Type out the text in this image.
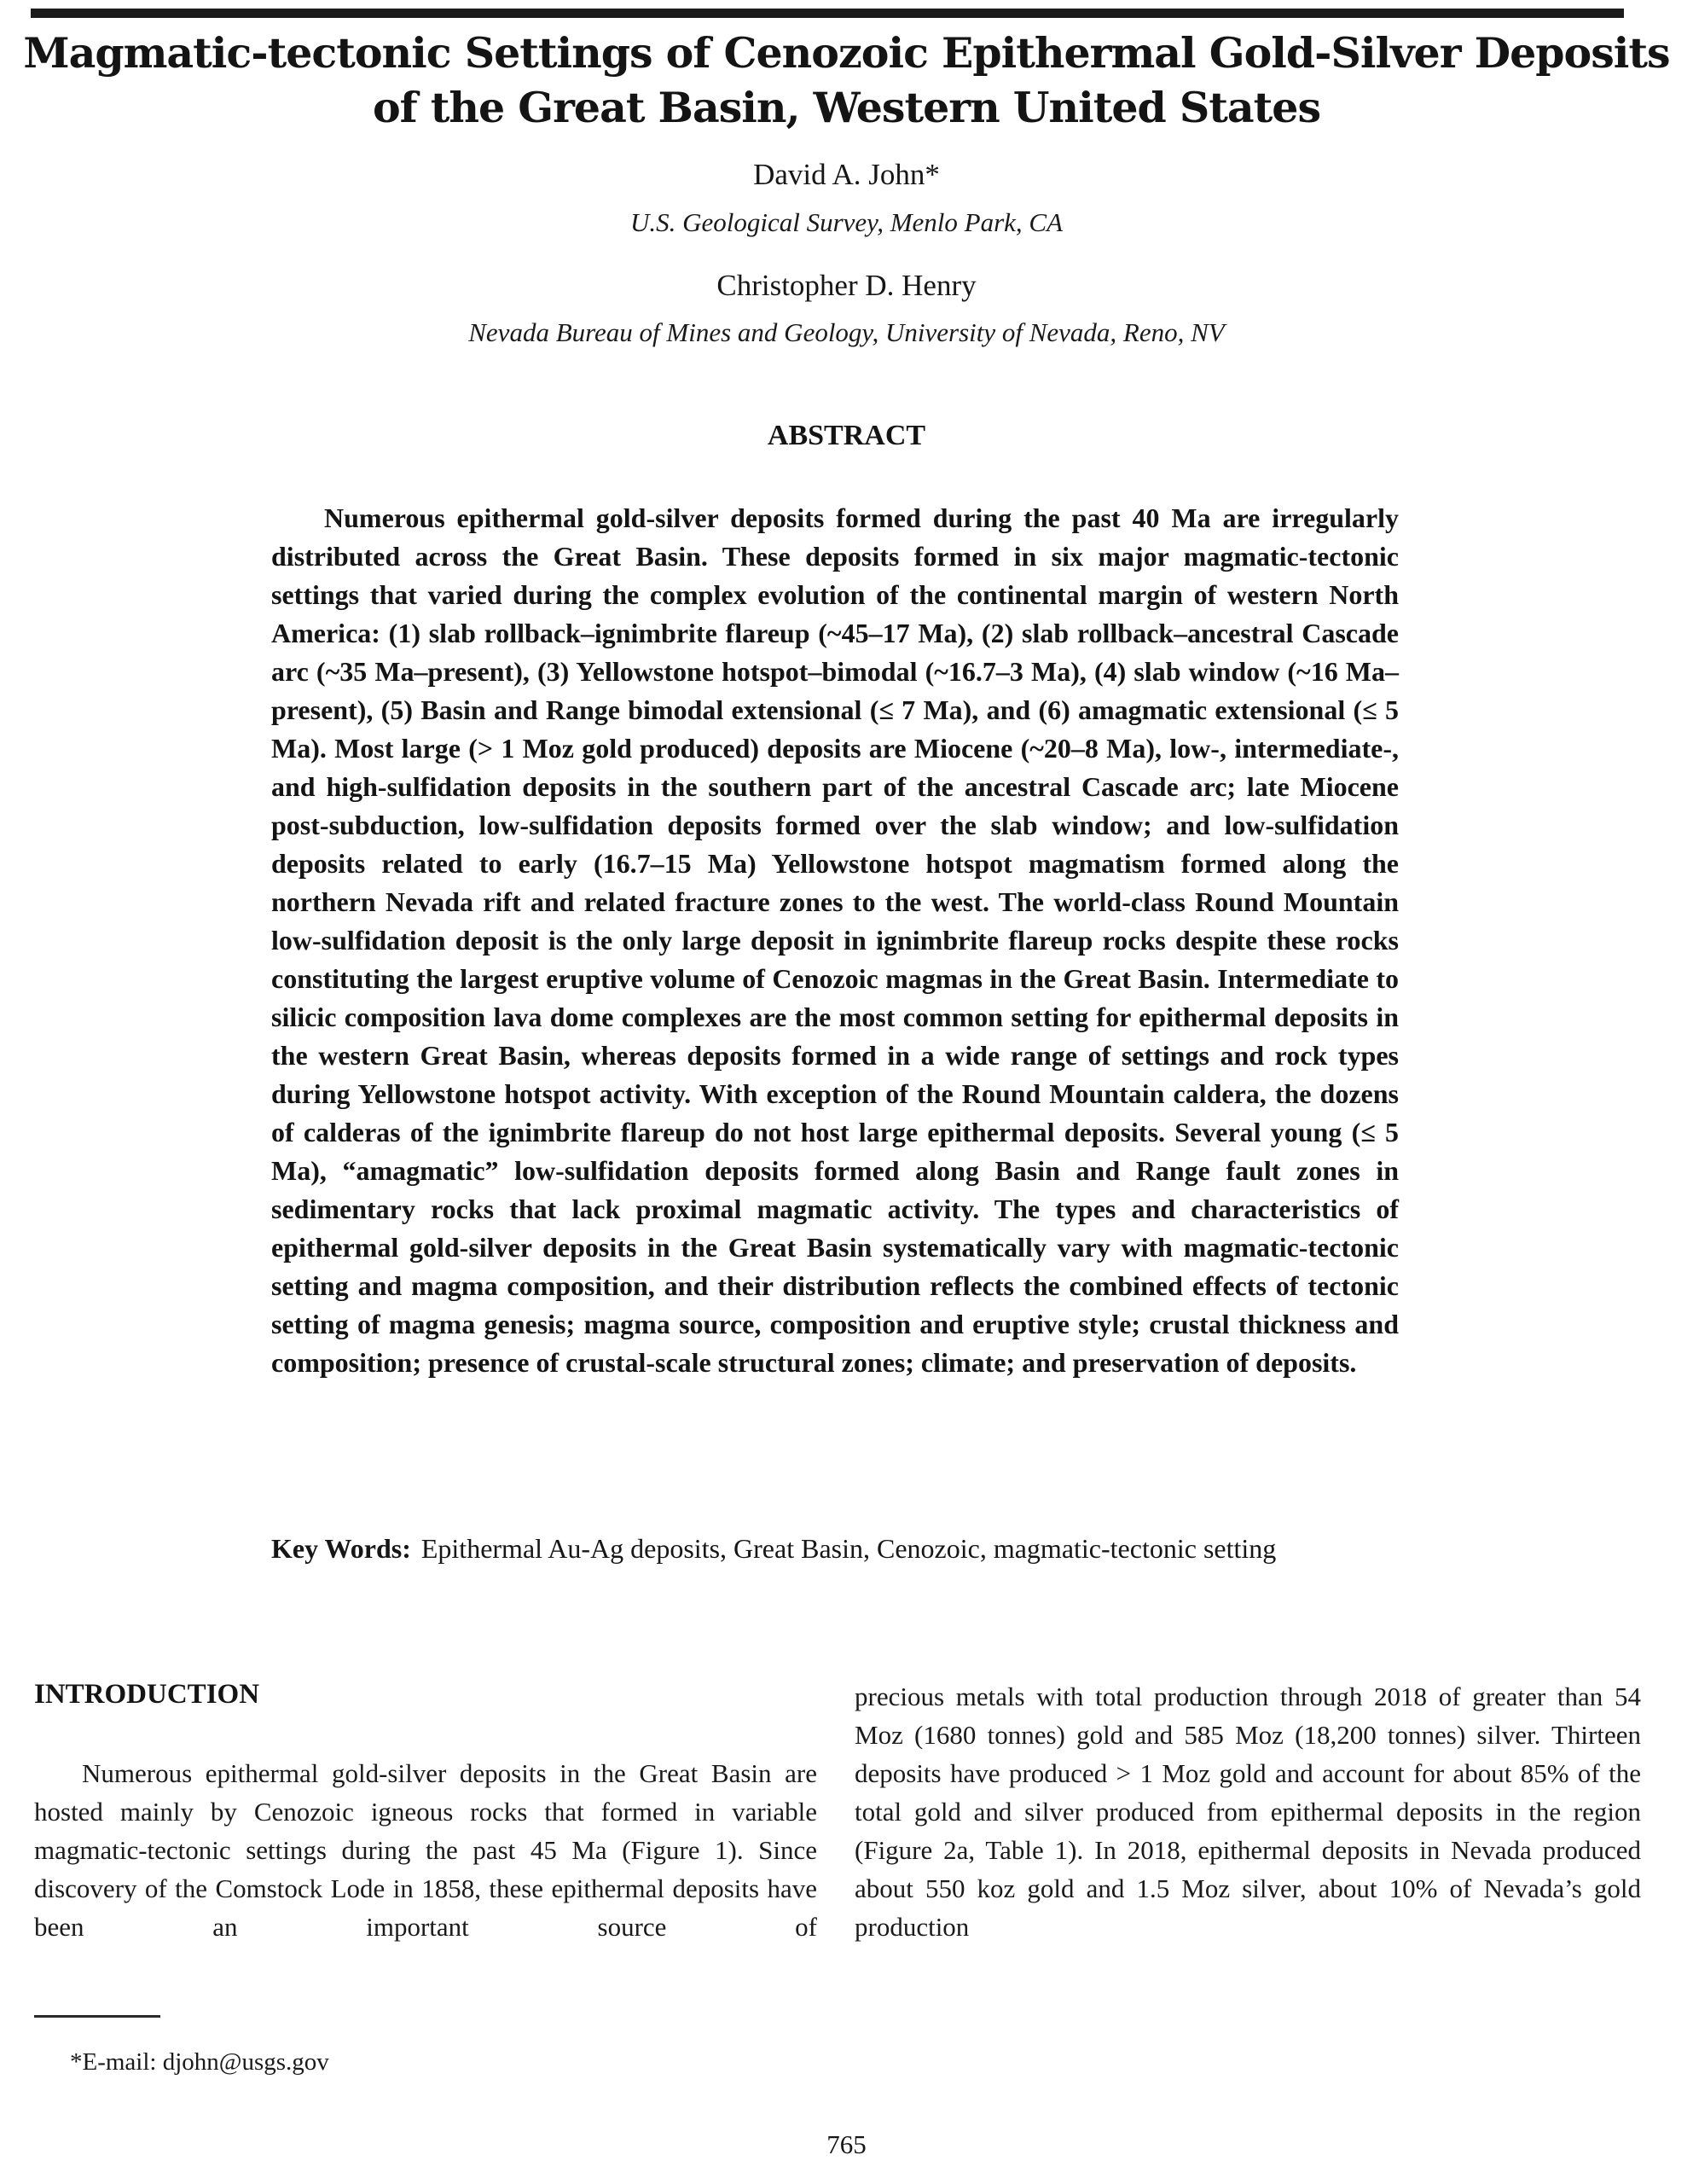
Magmatic-tectonic Settings of Cenozoic Epithermal Gold-Silver Deposits
of the Great Basin, Western United States
David A. John*
U.S. Geological Survey, Menlo Park, CA
Christopher D. Henry
Nevada Bureau of Mines and Geology, University of Nevada, Reno, NV
ABSTRACT

Numerous epithermal gold-silver deposits formed during the past 40 Ma are irregularly distributed across the Great Basin. These deposits formed in six major magmatic-tectonic settings that varied during the complex evolution of the continental margin of western North America: (1) slab rollback–ignimbrite flareup (~45–17 Ma), (2) slab rollback–ancestral Cascade arc (~35 Ma–present), (3) Yellowstone hotspot–bimodal (~16.7–3 Ma), (4) slab window (~16 Ma–present), (5) Basin and Range bimodal extensional (≤ 7 Ma), and (6) amagmatic extensional (≤ 5 Ma). Most large (> 1 Moz gold produced) deposits are Miocene (~20–8 Ma), low-, intermediate-, and high-sulfidation deposits in the southern part of the ancestral Cascade arc; late Miocene post-subduction, low-sulfidation deposits formed over the slab window; and low-sulfidation deposits related to early (16.7–15 Ma) Yellowstone hotspot magmatism formed along the northern Nevada rift and related fracture zones to the west. The world-class Round Mountain low-sulfidation deposit is the only large deposit in ignimbrite flareup rocks despite these rocks constituting the largest eruptive volume of Cenozoic magmas in the Great Basin. Intermediate to silicic composition lava dome complexes are the most common setting for epithermal deposits in the western Great Basin, whereas deposits formed in a wide range of settings and rock types during Yellowstone hotspot activity. With exception of the Round Mountain caldera, the dozens of calderas of the ignimbrite flareup do not host large epithermal deposits. Several young (≤ 5 Ma), “amagmatic” low-sulfidation deposits formed along Basin and Range fault zones in sedimentary rocks that lack proximal magmatic activity. The types and characteristics of epithermal gold-silver deposits in the Great Basin systematically vary with magmatic-tectonic setting and magma composition, and their distribution reflects the combined effects of tectonic setting of magma genesis; magma source, composition and eruptive style; crustal thickness and composition; presence of crustal-scale structural zones; climate; and preservation of deposits.

Key Words: Epithermal Au-Ag deposits, Great Basin, Cenozoic, magmatic-tectonic setting

INTRODUCTION

Numerous epithermal gold-silver deposits in the Great Basin are hosted mainly by Cenozoic igneous rocks that formed in variable magmatic-tectonic settings during the past 45 Ma (Figure 1). Since discovery of the Comstock Lode in 1858, these epithermal deposits have been an important source of

precious metals with total production through 2018 of greater than 54 Moz (1680 tonnes) gold and 585 Moz (18,200 tonnes) silver. Thirteen deposits have produced > 1 Moz gold and account for about 85% of the total gold and silver produced from epithermal deposits in the region (Figure 2a, Table 1). In 2018, epithermal deposits in Nevada produced about 550 koz gold and 1.5 Moz silver, about 10% of Nevada’s gold production

*E-mail: djohn@usgs.gov
765
